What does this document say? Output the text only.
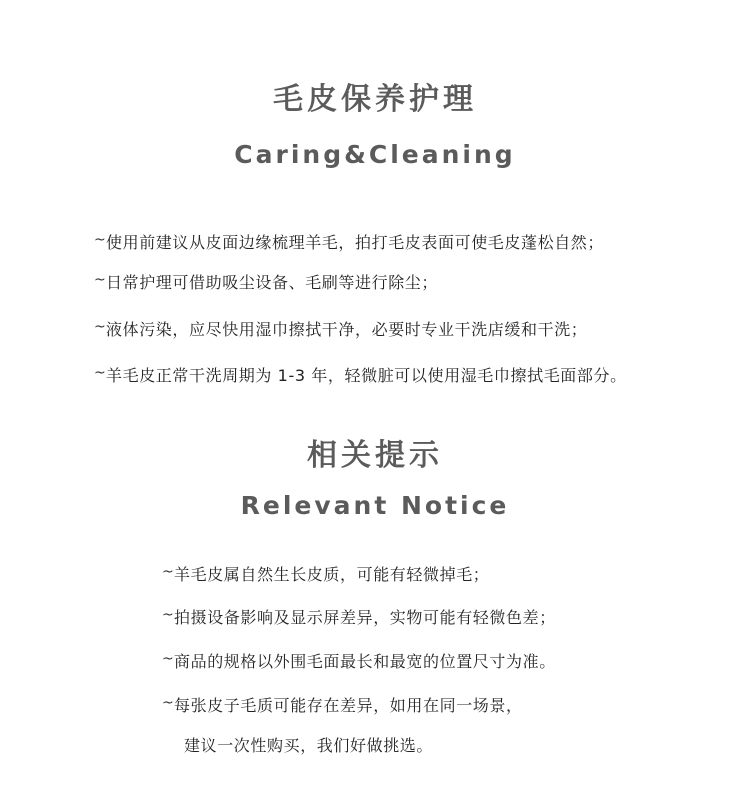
毛皮保养护理
Caring&Cleaning
~使用前建议从皮面边缘梳理羊毛，拍打毛皮表面可使毛皮蓬松自然；
~日常护理可借助吸尘设备、毛刷等进行除尘；
~液体污染，应尽快用湿巾擦拭干净，必要时专业干洗店缓和干洗；
~羊毛皮正常干洗周期为 1-3 年，轻微脏可以使用湿毛巾擦拭毛面部分。
相关提示
Relevant Notice
~羊毛皮属自然生长皮质，可能有轻微掉毛；
~拍摄设备影响及显示屏差异，实物可能有轻微色差；
~商品的规格以外围毛面最长和最宽的位置尺寸为准。
~每张皮子毛质可能存在差异，如用在同一场景，
建议一次性购买，我们好做挑选。
